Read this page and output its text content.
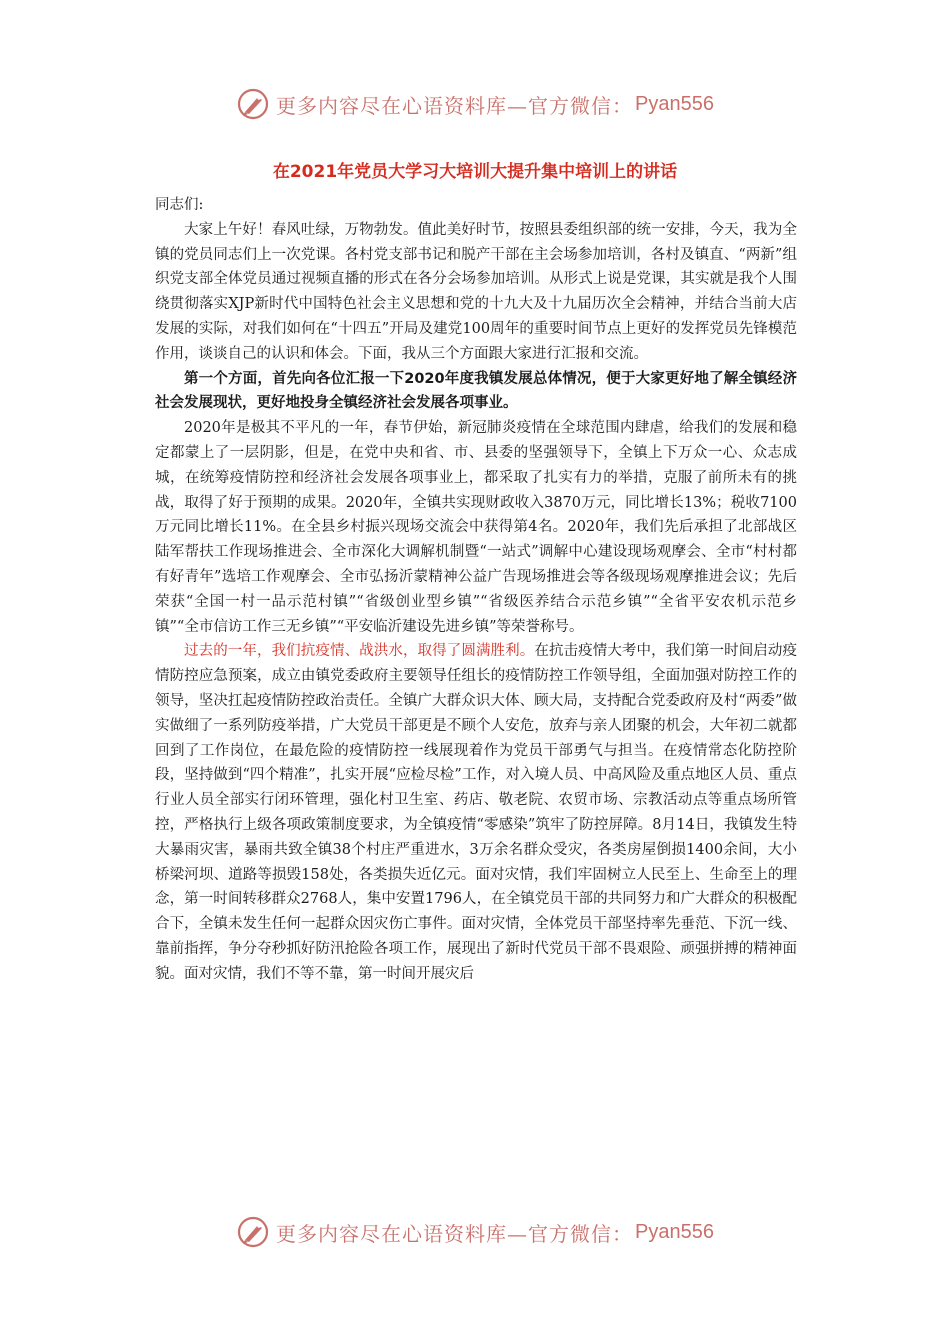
更多内容尽在心语资料库—官方微信： Pyan556
在2021年党员大学习大培训大提升集中培训上的讲话

同志们:

大家上午好！春风吐绿，万物勃发。值此美好时节，按照县委组织部的统一安排，今天，我为全镇的党员同志们上一次党课。各村党支部书记和脱产干部在主会场参加培训，各村及镇直、“两新”组织党支部全体党员通过视频直播的形式在各分会场参加培训。从形式上说是党课，其实就是我个人围绕贯彻落实XJP新时代中国特色社会主义思想和党的十九大及十九届历次全会精神，并结合当前大店发展的实际，对我们如何在“十四五”开局及建党100周年的重要时间节点上更好的发挥党员先锋模范作用，谈谈自己的认识和体会。下面，我从三个方面跟大家进行汇报和交流。

第一个方面，首先向各位汇报一下2020年度我镇发展总体情况，便于大家更好地了解全镇经济社会发展现状，更好地投身全镇经济社会发展各项事业。

2020年是极其不平凡的一年，春节伊始，新冠肺炎疫情在全球范围内肆虐，给我们的发展和稳定都蒙上了一层阴影，但是，在党中央和省、市、县委的坚强领导下，全镇上下万众一心、众志成城，在统筹疫情防控和经济社会发展各项事业上，都采取了扎实有力的举措，克服了前所未有的挑战，取得了好于预期的成果。2020年，全镇共实现财政收入3870万元，同比增长13%；税收7100万元同比增长11%。在全县乡村振兴现场交流会中获得第4名。2020年，我们先后承担了北部战区陆军帮扶工作现场推进会、全市深化大调解机制暨“一站式”调解中心建设现场观摩会、全市“村村都有好青年”选培工作观摩会、全市弘扬沂蒙精神公益广告现场推进会等各级现场观摩推进会议；先后荣获“全国一村一品示范村镇”“省级创业型乡镇”“省级医养结合示范乡镇”“全省平安农机示范乡镇”“全市信访工作三无乡镇”“平安临沂建设先进乡镇”等荣誉称号。

过去的一年，我们抗疫情、战洪水，取得了圆满胜利。在抗击疫情大考中，我们第一时间启动疫情防控应急预案，成立由镇党委政府主要领导任组长的疫情防控工作领导组，全面加强对防控工作的领导，坚决扛起疫情防控政治责任。全镇广大群众识大体、顾大局，支持配合党委政府及村“两委”做实做细了一系列防疫举措，广大党员干部更是不顾个人安危，放弃与亲人团聚的机会，大年初二就都回到了工作岗位，在最危险的疫情防控一线展现着作为党员干部勇气与担当。在疫情常态化防控阶段，坚持做到“四个精准”，扎实开展“应检尽检”工作，对入境人员、中高风险及重点地区人员、重点行业人员全部实行闭环管理，强化村卫生室、药店、敬老院、农贸市场、宗教活动点等重点场所管控，严格执行上级各项政策制度要求，为全镇疫情“零感染”筑牢了防控屏障。8月14日，我镇发生特大暴雨灾害，暴雨共致全镇38个村庄严重进水，3万余名群众受灾，各类房屋倒损1400余间，大小桥梁河坝、道路等损毁158处，各类损失近亿元。面对灾情，我们牢固树立人民至上、生命至上的理念，第一时间转移群众2768人，集中安置1796人，在全镇党员干部的共同努力和广大群众的积极配合下，全镇未发生任何一起群众因灾伤亡事件。面对灾情，全体党员干部坚持率先垂范、下沉一线、靠前指挥，争分夺秒抓好防汛抢险各项工作，展现出了新时代党员干部不畏艰险、顽强拼搏的精神面貌。面对灾情，我们不等不靠，第一时间开展灾后

更多内容尽在心语资料库—官方微信： Pyan556
